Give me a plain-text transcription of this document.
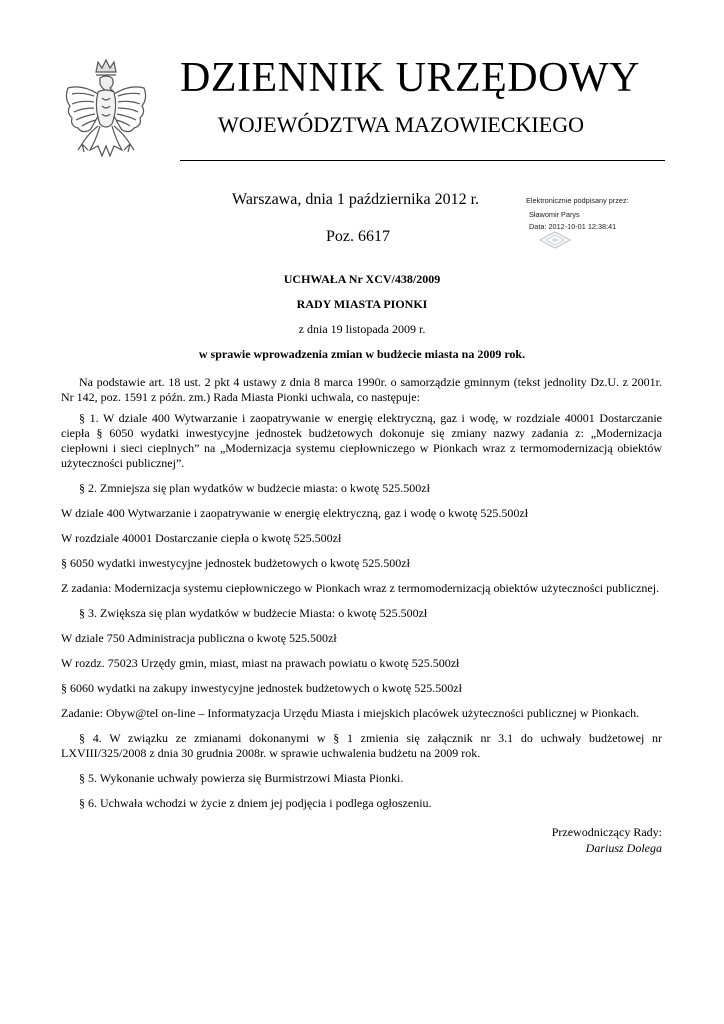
DZIENNIK URZĘDOWY
WOJEWÓDZTWA MAZOWIECKIEGO
Warszawa, dnia 1 października 2012 r.
Poz. 6617
Elektronicznie podpisany przez:
Sławomir Parys
Data: 2012-10-01 12:38:41
UCHWAŁA Nr XCV/438/2009
RADY MIASTA PIONKI
z dnia 19 listopada 2009 r.
w sprawie wprowadzenia zmian w budżecie miasta na 2009 rok.

Na podstawie art. 18 ust. 2 pkt 4 ustawy z dnia 8 marca 1990r. o samorządzie gminnym (tekst jednolity Dz.U. z 2001r. Nr 142, poz. 1591 z późn. zm.) Rada Miasta Pionki uchwala, co następuje:

§ 1. W dziale 400 Wytwarzanie i zaopatrywanie w energię elektryczną, gaz i wodę, w rozdziale 40001 Dostarczanie ciepła § 6050 wydatki inwestycyjne jednostek budżetowych dokonuje się zmiany nazwy zadania z: „Modernizacja ciepłowni i sieci cieplnych” na „Modernizacja systemu ciepłowniczego w Pionkach wraz z termomodernizacją obiektów użyteczności publicznej”.

§ 2. Zmniejsza się plan wydatków w budżecie miasta: o kwotę 525.500zł

W dziale 400 Wytwarzanie i zaopatrywanie w energię elektryczną, gaz i wodę o kwotę 525.500zł

W rozdziale 40001 Dostarczanie ciepła o kwotę 525.500zł

§ 6050 wydatki inwestycyjne jednostek budżetowych o kwotę 525.500zł

Z zadania: Modernizacja systemu ciepłowniczego w Pionkach wraz z termomodernizacją obiektów użyteczności publicznej.

§ 3. Zwiększa się plan wydatków w budżecie Miasta: o kwotę 525.500zł

W dziale 750 Administracja publiczna o kwotę 525.500zł

W rozdz. 75023 Urzędy gmin, miast, miast na prawach powiatu o kwotę 525.500zł

§ 6060 wydatki na zakupy inwestycyjne jednostek budżetowych o kwotę 525.500zł

Zadanie: Obyw@tel on-line – Informatyzacja Urzędu Miasta i miejskich placówek użyteczności publicznej w Pionkach.

§ 4. W związku ze zmianami dokonanymi w § 1 zmienia się załącznik nr 3.1 do uchwały budżetowej nr LXVIII/325/2008 z dnia 30 grudnia 2008r. w sprawie uchwalenia budżetu na 2009 rok.

§ 5. Wykonanie uchwały powierza się Burmistrzowi Miasta Pionki.

§ 6. Uchwała wchodzi w życie z dniem jej podjęcia i podlega ogłoszeniu.

Przewodniczący Rady:
Dariusz Dolega
